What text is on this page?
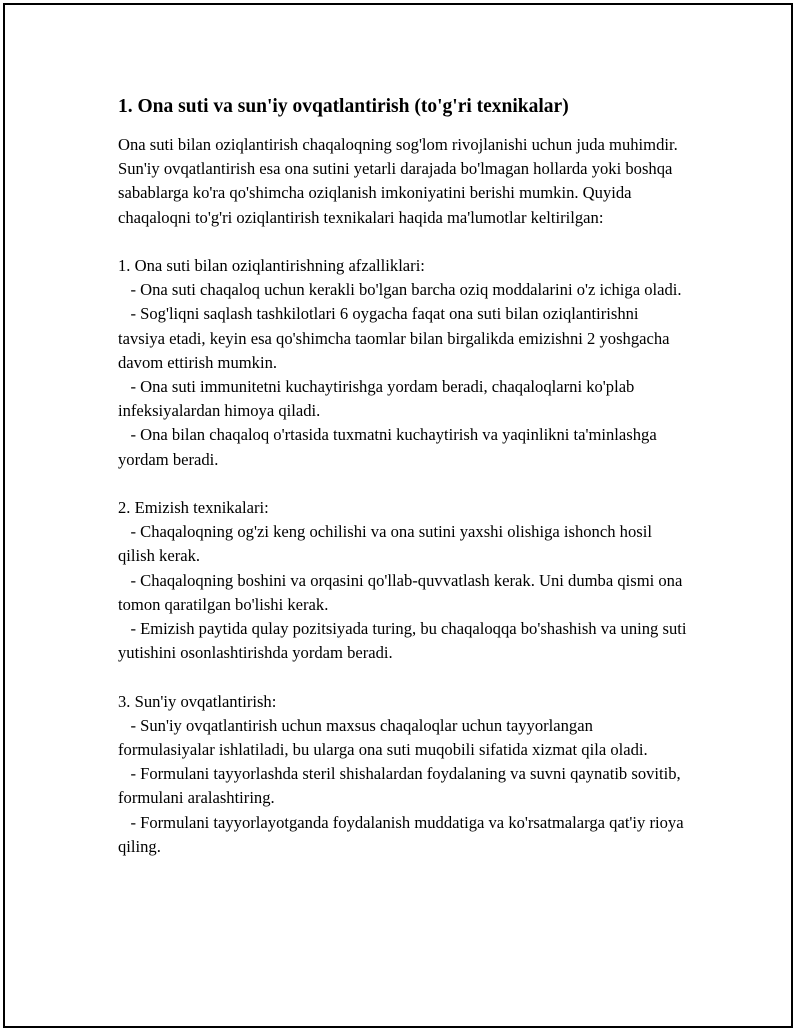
1. Ona suti va sun'iy ovqatlantirish (to'g'ri texnikalar)

Ona suti bilan oziqlantirish chaqaloqning sog'lom rivojlanishi uchun juda muhimdir. Sun'iy ovqatlantirish esa ona sutini yetarli darajada bo'lmagan hollarda yoki boshqa sabablarga ko'ra qo'shimcha oziqlanish imkoniyatini berishi mumkin. Quyida chaqaloqni to'g'ri oziqlantirish texnikalari haqida ma'lumotlar keltirilgan:

1. Ona suti bilan oziqlantirishning afzalliklari:

- Ona suti chaqaloq uchun kerakli bo'lgan barcha oziq moddalarini o'z ichiga oladi.

- Sog'liqni saqlash tashkilotlari 6 oygacha faqat ona suti bilan oziqlantirishni tavsiya etadi, keyin esa qo'shimcha taomlar bilan birgalikda emizishni 2 yoshgacha davom ettirish mumkin.

- Ona suti immunitetni kuchaytirishga yordam beradi, chaqaloqlarni ko'plab infeksiyalardan himoya qiladi.

- Ona bilan chaqaloq o'rtasida tuxmatni kuchaytirish va yaqinlikni ta'minlashga yordam beradi.

2. Emizish texnikalari:

- Chaqaloqning og'zi keng ochilishi va ona sutini yaxshi olishiga ishonch hosil qilish kerak.

- Chaqaloqning boshini va orqasini qo'llab-quvvatlash kerak. Uni dumba qismi ona tomon qaratilgan bo'lishi kerak.

- Emizish paytida qulay pozitsiyada turing, bu chaqaloqqa bo'shashish va uning suti yutishini osonlashtirishda yordam beradi.

3. Sun'iy ovqatlantirish:

- Sun'iy ovqatlantirish uchun maxsus chaqaloqlar uchun tayyorlangan formulasiyalar ishlatiladi, bu ularga ona suti muqobili sifatida xizmat qila oladi.

- Formulani tayyorlashda steril shishalardan foydalaning va suvni qaynatib sovitib, formulani aralashtiring.

- Formulani tayyorlayotganda foydalanish muddatiga va ko'rsatmalarga qat'iy rioya qiling.
